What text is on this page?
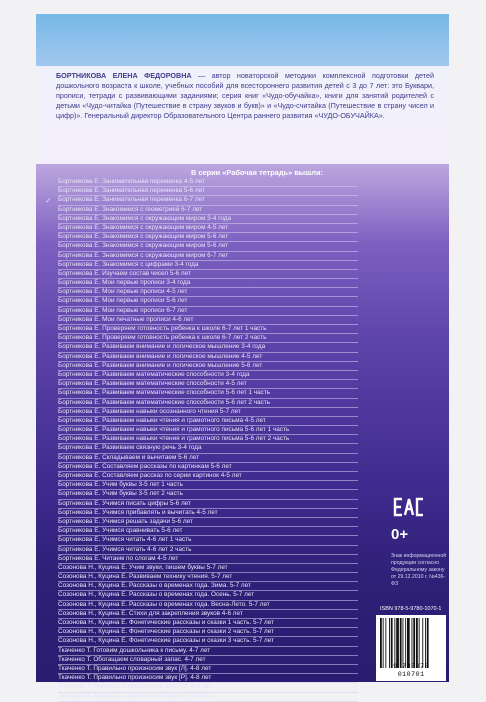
БОРТНИКОВА ЕЛЕНА ФЕДОРОВНА — автор новаторской методики комплексной подготовки детей дошкольного возраста к школе, учебных пособий для всестороннего развития детей с 3 до 7 лет: это Буквари, прописи, тетради с развивающими заданиями; серия книг «Чудо-обучайка», книги для занятий родителей с детьми «Чудо-читайка (Путешествие в страну звуков и букв)» и «Чудо-считайка (Путешествие в страну чисел и цифр)». Генеральный директор Образовательного Центра раннего развития «ЧУДО-ОБУЧАЙКА».
В серии «Рабочая тетрадь» вышли:
✓
Бортникова Е. Занимательная переменка 4-5 лет
Бортникова Е. Занимательная переменка 5-6 лет
Бортникова Е. Занимательная переменка 6-7 лет
Бортникова Е. Знакомимся с геометрией 6-7 лет
Бортникова Е. Знакомимся с окружающим миром 3-4 года
Бортникова Е. Знакомимся с окружающим миром 4-5 лет
Бортникова Е. Знакомимся с окружающим миром 5-6 лет
Бортникова Е. Знакомимся с окружающим миром 5-6 лет
Бортникова Е. Знакомимся с окружающим миром 6-7 лет
Бортникова Е. Знакомимся с цифрами 3-4 года
Бортникова Е. Изучаем состав чисел 5-6 лет
Бортникова Е. Мои первые прописи 3-4 года
Бортникова Е. Мои первые прописи 4-5 лет
Бортникова Е. Мои первые прописи 5-6 лет
Бортникова Е. Мои первые прописи 6-7 лет
Бортникова Е. Мои печатные прописи 4-6 лет
Бортникова Е. Проверяем готовность ребенка к школе 6-7 лет 1 часть
Бортникова Е. Проверяем готовность ребенка к школе 6-7 лет 2 часть
Бортникова Е. Развиваем внимание и логическое мышление 3-4 года
Бортникова Е. Развиваем внимание и логическое мышление 4-5 лет
Бортникова Е. Развиваем внимание и логическое мышление 5-6 лет
Бортникова Е. Развиваем математические способности 3-4 года
Бортникова Е. Развиваем математические способности 4-5 лет
Бортникова Е. Развиваем математические способности 5-6 лет 1 часть
Бортникова Е. Развиваем математические способности 5-6 лет 2 часть
Бортникова Е. Развиваем навыки осознанного чтения 5-7 лет
Бортникова Е. Развиваем навыки чтения и грамотного письма 4-5 лет
Бортникова Е. Развиваем навыки чтения и грамотного письма 5-6 лет 1 часть
Бортникова Е. Развиваем навыки чтения и грамотного письма 5-6 лет 2 часть
Бортникова Е. Развиваем связную речь 3-4 года
Бортникова Е. Складываем и вычитаем 5-6 лет
Бортникова Е. Составляем рассказы по картинкам 5-6 лет
Бортникова Е. Составляем рассказ по серии картинок 4-5 лет
Бортникова Е. Учим буквы 3-5 лет 1 часть
Бортникова Е. Учим буквы 3-5 лет 2 часть
Бортникова Е. Учимся писать цифры 5-6 лет
Бортникова Е. Учимся прибавлять и вычитать 4-5 лет
Бортникова Е. Учимся решать задачи 5-6 лет
Бортникова Е. Учимся сравнивать 5-6 лет
Бортникова Е. Учимся читать 4-6 лет 1 часть
Бортникова Е. Учимся читать 4-6 лет 2 часть
Бортникова Е. Читаем по слогам 4-5 лет
Созонова Н., Куцина Е. Учим звуки, пишем буквы 5-7 лет
Созонова Н., Куцина Е. Развиваем технику чтения. 5-7 лет
Созонова Н., Куцина Е. Рассказы о временах года. Зима. 5-7 лет
Созонова Н., Куцина Е. Рассказы о временах года. Осень. 5-7 лет
Созонова Н., Куцина Е. Рассказы о временах года. Весна-Лето. 5-7 лет
Созонова Н., Куцина Е. Стихи для закрепления звуков 4-6 лет
Созонова Н., Куцина Е. Фонетические рассказы и сказки 1 часть. 5-7 лет
Созонова Н., Куцина Е. Фонетические рассказы и сказки 2 часть. 5-7 лет
Созонова Н., Куцина Е. Фонетические рассказы и сказки 3 часть. 5-7 лет
Ткаченко Т. Готовим дошкольника к письму. 4-7 лет
Ткаченко Т. Обогащаем словарный запас. 4-7 лет
Ткаченко Т. Правильно произносим звук [Л]. 4-8 лет
Ткаченко Т. Правильно произносим звук [Р]. 4-8 лет
Ткаченко Т. Правильно произносим звук [С]. 4-8 лет
Ткаченко Т. Правильно произносим звук [Ш]. 4-8 лет
0+
Знак информационной продукции согласно Федеральному закону от 29.12.2010 г. №436-ФЗ
ISBN 978-5-9780-1070-1
9 785978 010701
